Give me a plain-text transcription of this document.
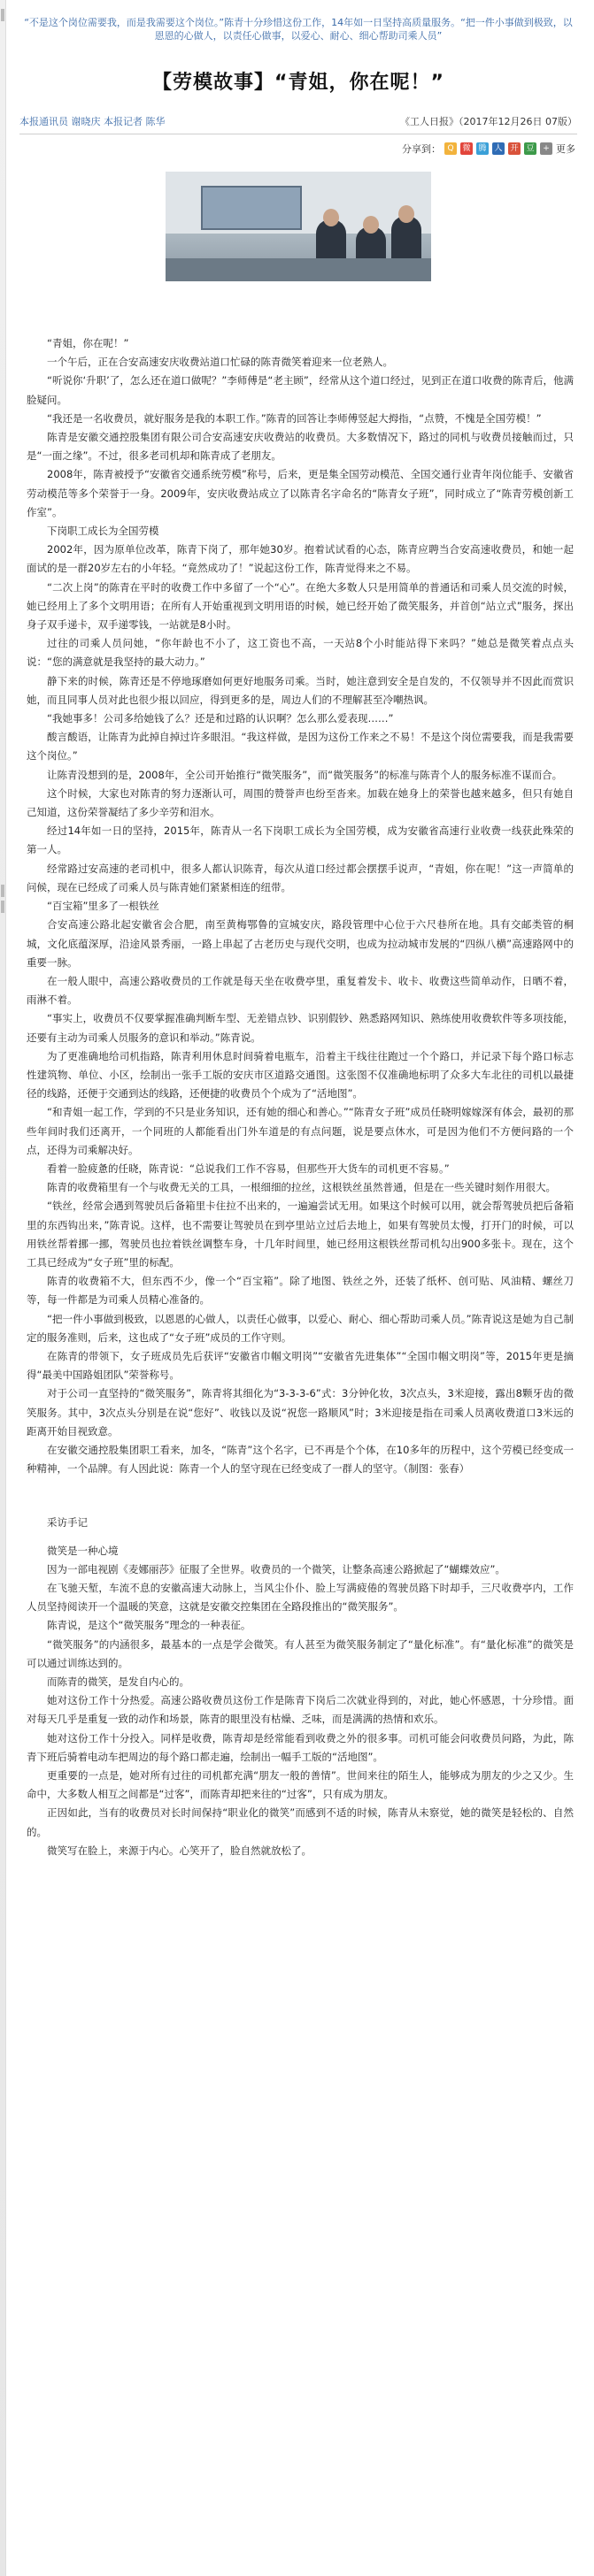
“不是这个岗位需要我，而是我需要这个岗位。”陈青十分珍惜这份工作，14年如一日坚持高质量服务。“把一件小事做到极致，以恩恩的心做人，以责任心做事，以爱心、耐心、细心帮助司乘人员”
【劳模故事】“青姐，你在呢！”
本报通讯员 谢晓庆 本报记者 陈华	《工人日报》（2017年12月26日 07版）
分享到： Q	微 腾 人 开 豆	+ 更多

“青姐，你在呢！”

一个午后，正在合安高速安庆收费站道口忙碌的陈青微笑着迎来一位老熟人。

“听说你‘升职’了，怎么还在道口做呢？”李师傅是“老主顾”，经常从这个道口经过，见到正在道口收费的陈青后，他满脸疑问。

“我还是一名收费员，就好服务是我的本职工作。”陈青的回答让李师傅竖起大拇指，“点赞，不愧是全国劳模！”

陈青是安徽交通控股集团有限公司合安高速安庆收费站的收费员。大多数情况下，路过的同机与收费员接触而过，只是“一面之缘”。不过，很多老司机却和陈青成了老朋友。

2008年，陈青被授予“安徽省交通系统劳模”称号，后来，更是集全国劳动模范、全国交通行业青年岗位能手、安徽省劳动模范等多个荣誉于一身。2009年，安庆收费站成立了以陈青名字命名的“陈青女子班”，同时成立了“陈青劳模创新工作室”。

下岗职工成长为全国劳模

2002年，因为原单位改革，陈青下岗了，那年她30岁。抱着试试看的心态，陈青应聘当合安高速收费员，和她一起面试的是一群20岁左右的小年轻。“竟然成功了！”说起这份工作，陈青觉得来之不易。

“二次上岗”的陈青在平时的收费工作中多留了一个“心”。在绝大多数人只是用简单的普通话和司乘人员交流的时候，她已经用上了多个文明用语；在所有人开始重视到文明用语的时候，她已经开始了微笑服务，并首创“站立式”服务，探出身子双手递卡，双手递零钱，一站就是8小时。

过往的司乘人员问她，“你年龄也不小了，这工资也不高，一天站8个小时能站得下来吗？”她总是微笑着点点头说：“您的满意就是我坚持的最大动力。”

静下来的时候，陈青还是不停地琢磨如何更好地服务司乘。当时，她注意到安全是自发的，不仅领导并不因此而赏识她，而且同事人员对此也很少报以回应，得到更多的是，周边人们的不理解甚至冷嘲热讽。

“我她事多！公司多给她钱了么？还是和过路的认识啊？怎么那么爱表现……”

酸言酸语，让陈青为此掉自掉过许多眼泪。“我这样做，是因为这份工作来之不易！不是这个岗位需要我，而是我需要这个岗位。”

让陈青没想到的是，2008年，全公司开始推行“微笑服务”，而“微笑服务”的标准与陈青个人的服务标准不谋而合。

这个时候，大家也对陈青的努力逐渐认可，周围的赞誉声也纷至沓来。加载在她身上的荣誉也越来越多，但只有她自己知道，这份荣誉凝结了多少辛劳和泪水。

经过14年如一日的坚持，2015年，陈青从一名下岗职工成长为全国劳模，成为安徽省高速行业收费一线获此殊荣的第一人。

经常路过安高速的老司机中，很多人都认识陈青，每次从道口经过都会摆摆手说声，“青姐，你在呢！”这一声简单的问候，现在已经成了司乘人员与陈青她们紧紧相连的纽带。

“百宝箱”里多了一根铁丝

合安高速公路北起安徽省会合肥，南至黄梅鄂鲁的宣城安庆，路段管理中心位于六尺巷所在地。具有交邮类管的桐城，文化底蕴深厚，沿途风景秀丽，一路上串起了古老历史与现代交明，也成为拉动城市发展的“四纵八横”高速路网中的重要一脉。

在一般人眼中，高速公路收费员的工作就是每天坐在收费亭里，重复着发卡、收卡、收费这些简单动作，日晒不着，雨淋不着。

“事实上，收费员不仅要掌握准确判断车型、无差错点钞、识别假钞、熟悉路网知识、熟练使用收费软件等多项技能，还要有主动为司乘人员服务的意识和举动。”陈青说。

为了更准确地给司机指路，陈青利用休息时间骑着电瓶车，沿着主干线往往跑过一个个路口，并记录下每个路口标志性建筑物、单位、小区，绘制出一张手工版的安庆市区道路交通图。这张图不仅准确地标明了众多大车北往的司机以最捷径的线路，还便于交通到达的线路，还便捷的收费员个个成为了“活地图”。

“和青姐一起工作，学到的不只是业务知识，还有她的细心和善心。”“陈青女子班”成员任晓明嫁嫁深有体会，最初的那些年间时我们还离开，一个同班的人都能看出门外车道是的有点问题，说是要点休水，可是因为他们不方便问路的一个点，还得为司乘解决好。

看着一脸疲惫的任晓，陈青说：“总说我们工作不容易，但那些开大货车的司机更不容易。”

陈青的收费箱里有一个与收费无关的工具，一根细细的拉丝，这根铁丝虽然普通，但是在一些关键时刻作用很大。

“铁丝，经常会遇到驾驶员后备箱里卡住拉不出来的，一遍遍尝试无用。如果这个时候可以用，就会帮驾驶员把后备箱里的东西钩出来，”陈青说。这样，也不需要让驾驶员在到亭里站立过后去地上，如果有驾驶员太慢，打开门的时候，可以用铁丝帮着挪一挪，驾驶员也拉着铁丝调整车身，十几年时间里，她已经用这根铁丝帮司机勾出900多张卡。现在，这个工具已经成为“女子班”里的标配。

陈青的收费箱不大，但东西不少，像一个“百宝箱”。除了地图、铁丝之外，还装了纸杯、创可贴、风油精、螺丝刀等，每一件都是为司乘人员精心准备的。

“把一件小事做到极致，以恩恩的心做人，以责任心做事，以爱心、耐心、细心帮助司乘人员。”陈青说这是她为自己制定的服务准则，后来，这也成了“女子班”成员的工作守则。

在陈青的带领下，女子班成员先后获评“安徽省巾帼文明岗”“安徽省先进集体”“全国巾帼文明岗”等，2015年更是摘得“最美中国路姐团队”荣誉称号。

对于公司一直坚持的“微笑服务”，陈青将其细化为“3-3-3-6”式：3分钟化妆，3次点头，3米迎接，露出8颗牙齿的微笑服务。其中，3次点头分别是在说“您好”、收钱以及说“祝您一路顺风”时；3米迎接是指在司乘人员离收费道口3米远的距离开始目视致意。

在安徽交通控股集团职工看来，加冬，“陈青”这个名字，已不再是个个体，在10多年的历程中，这个劳模已经变成一种精神，一个品牌。有人因此说：陈青一个人的坚守现在已经变成了一群人的坚守。（制图：张春）

采访手记

微笑是一种心境

因为一部电视剧《麦娜丽莎》征服了全世界。收费员的一个微笑，让整条高速公路掀起了“蝴蝶效应”。

在飞驰天堑，车流不息的安徽高速大动脉上，当风尘仆仆、脸上写满疲倦的驾驶员路下时却手，三尺收费亭内，工作人员坚持阅读开一个温暖的笑意，这就是安徽交控集团在全路段推出的“微笑服务”。

陈青说，是这个“微笑服务”理念的一种表征。

“微笑服务”的内涵很多，最基本的一点是学会微笑。有人甚至为微笑服务制定了“量化标准”。有“量化标准”的微笑是可以通过训练达到的。

而陈青的微笑，是发自内心的。

她对这份工作十分热爱。高速公路收费员这份工作是陈青下岗后二次就业得到的，对此，她心怀感恩，十分珍惜。面对每天几乎是重复一致的动作和场景，陈青的眼里没有枯燥、乏味，而是满满的热情和欢乐。

她对这份工作十分投入。同样是收费，陈青却是经常能看到收费之外的很多事。司机可能会问收费员问路，为此，陈青下班后骑着电动车把周边的每个路口都走遍，绘制出一幅手工版的“活地图”。

更重要的一点是，她对所有过往的司机都充满“朋友一般的善情”。世间来往的陌生人，能够成为朋友的少之又少。生命中，大多数人相互之间都是“过客”，而陈青却把来往的“过客”，只有成为朋友。

正因如此，当有的收费员对长时间保持“职业化的微笑”而感到不适的时候，陈青从未察觉，她的微笑是轻松的、自然的。

微笑写在脸上，来源于内心。心笑开了，脸自然就放松了。
